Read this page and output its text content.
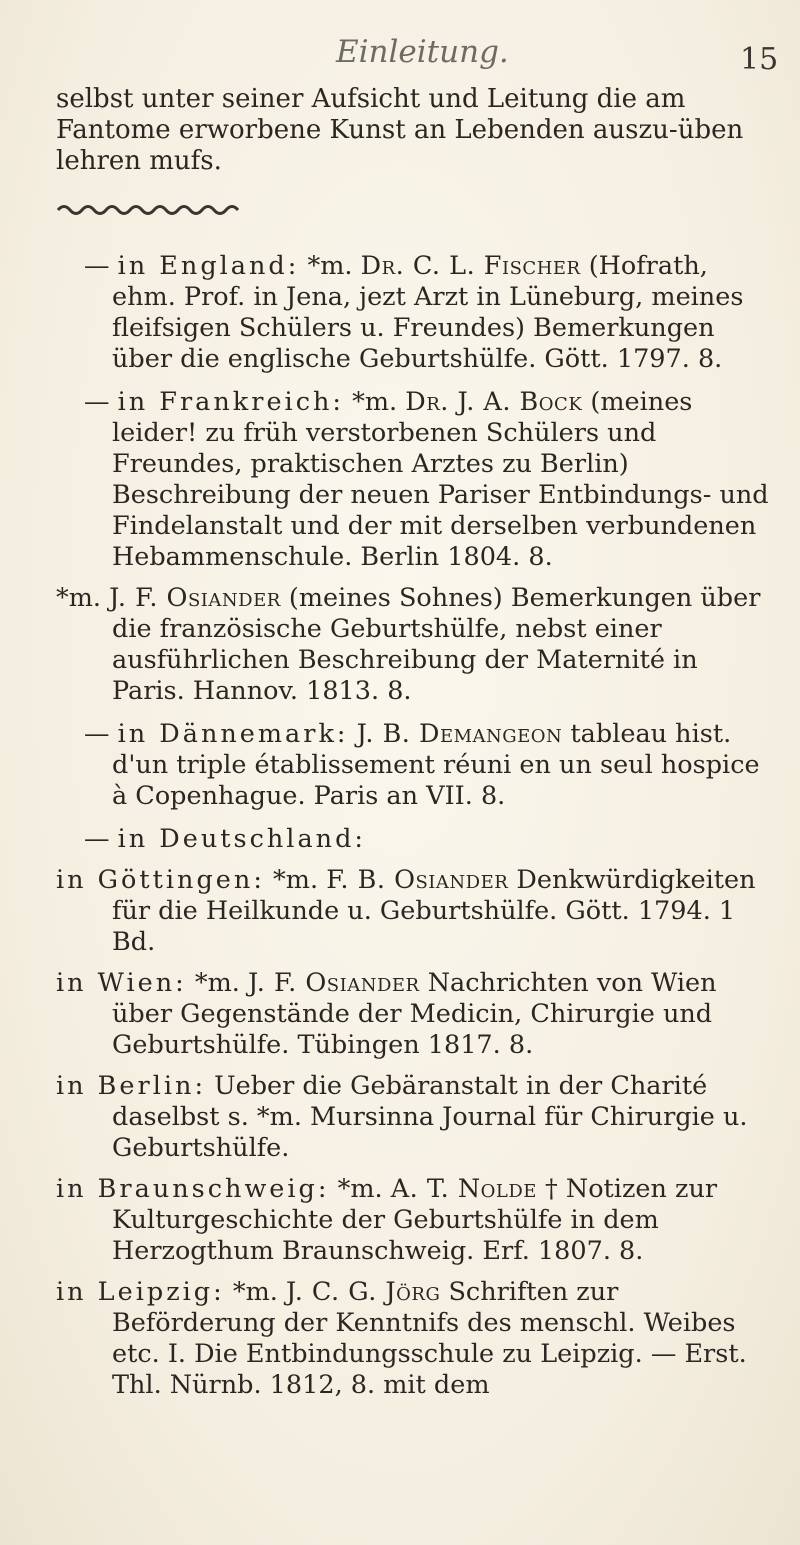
Einleitung.	15

selbst unter seiner Aufsicht und Leitung die am Fantome erworbene Kunst an Lebenden auszu-üben lehren mufs.

— in England: *m. Dr. C. L. Fischer (Hofrath, ehm. Prof. in Jena, jezt Arzt in Lüneburg, meines fleifsigen Schülers u. Freundes) Bemerkungen über die englische Geburtshülfe. Gött. 1797. 8.

— in Frankreich: *m. Dr. J. A. Bock (meines leider! zu früh verstorbenen Schülers und Freundes, praktischen Arztes zu Berlin) Beschreibung der neuen Pariser Entbindungs- und Findelanstalt und der mit derselben verbundenen Hebammenschule. Berlin 1804. 8.

*m. J. F. Osiander (meines Sohnes) Bemerkungen über die französische Geburtshülfe, nebst einer ausführlichen Beschreibung der Maternité in Paris. Hannov. 1813. 8.

— in Dännemark: J. B. Demangeon tableau hist. d'un triple établissement réuni en un seul hospice à Copenhague. Paris an VII. 8.

— in Deutschland:

in Göttingen: *m. F. B. Osiander Denkwürdigkeiten für die Heilkunde u. Geburtshülfe. Gött. 1794. 1 Bd.

in Wien: *m. J. F. Osiander Nachrichten von Wien über Gegenstände der Medicin, Chirurgie und Geburtshülfe. Tübingen 1817. 8.

in Berlin: Ueber die Gebäranstalt in der Charité daselbst s. *m. Mursinna Journal für Chirurgie u. Geburtshülfe.

in Braunschweig: *m. A. T. Nolde † Notizen zur Kulturgeschichte der Geburtshülfe in dem Herzogthum Braunschweig. Erf. 1807. 8.

in Leipzig: *m. J. C. G. Jörg Schriften zur Beförderung der Kenntnifs des menschl. Weibes etc. I. Die Entbindungsschule zu Leipzig. — Erst. Thl. Nürnb. 1812, 8. mit dem
